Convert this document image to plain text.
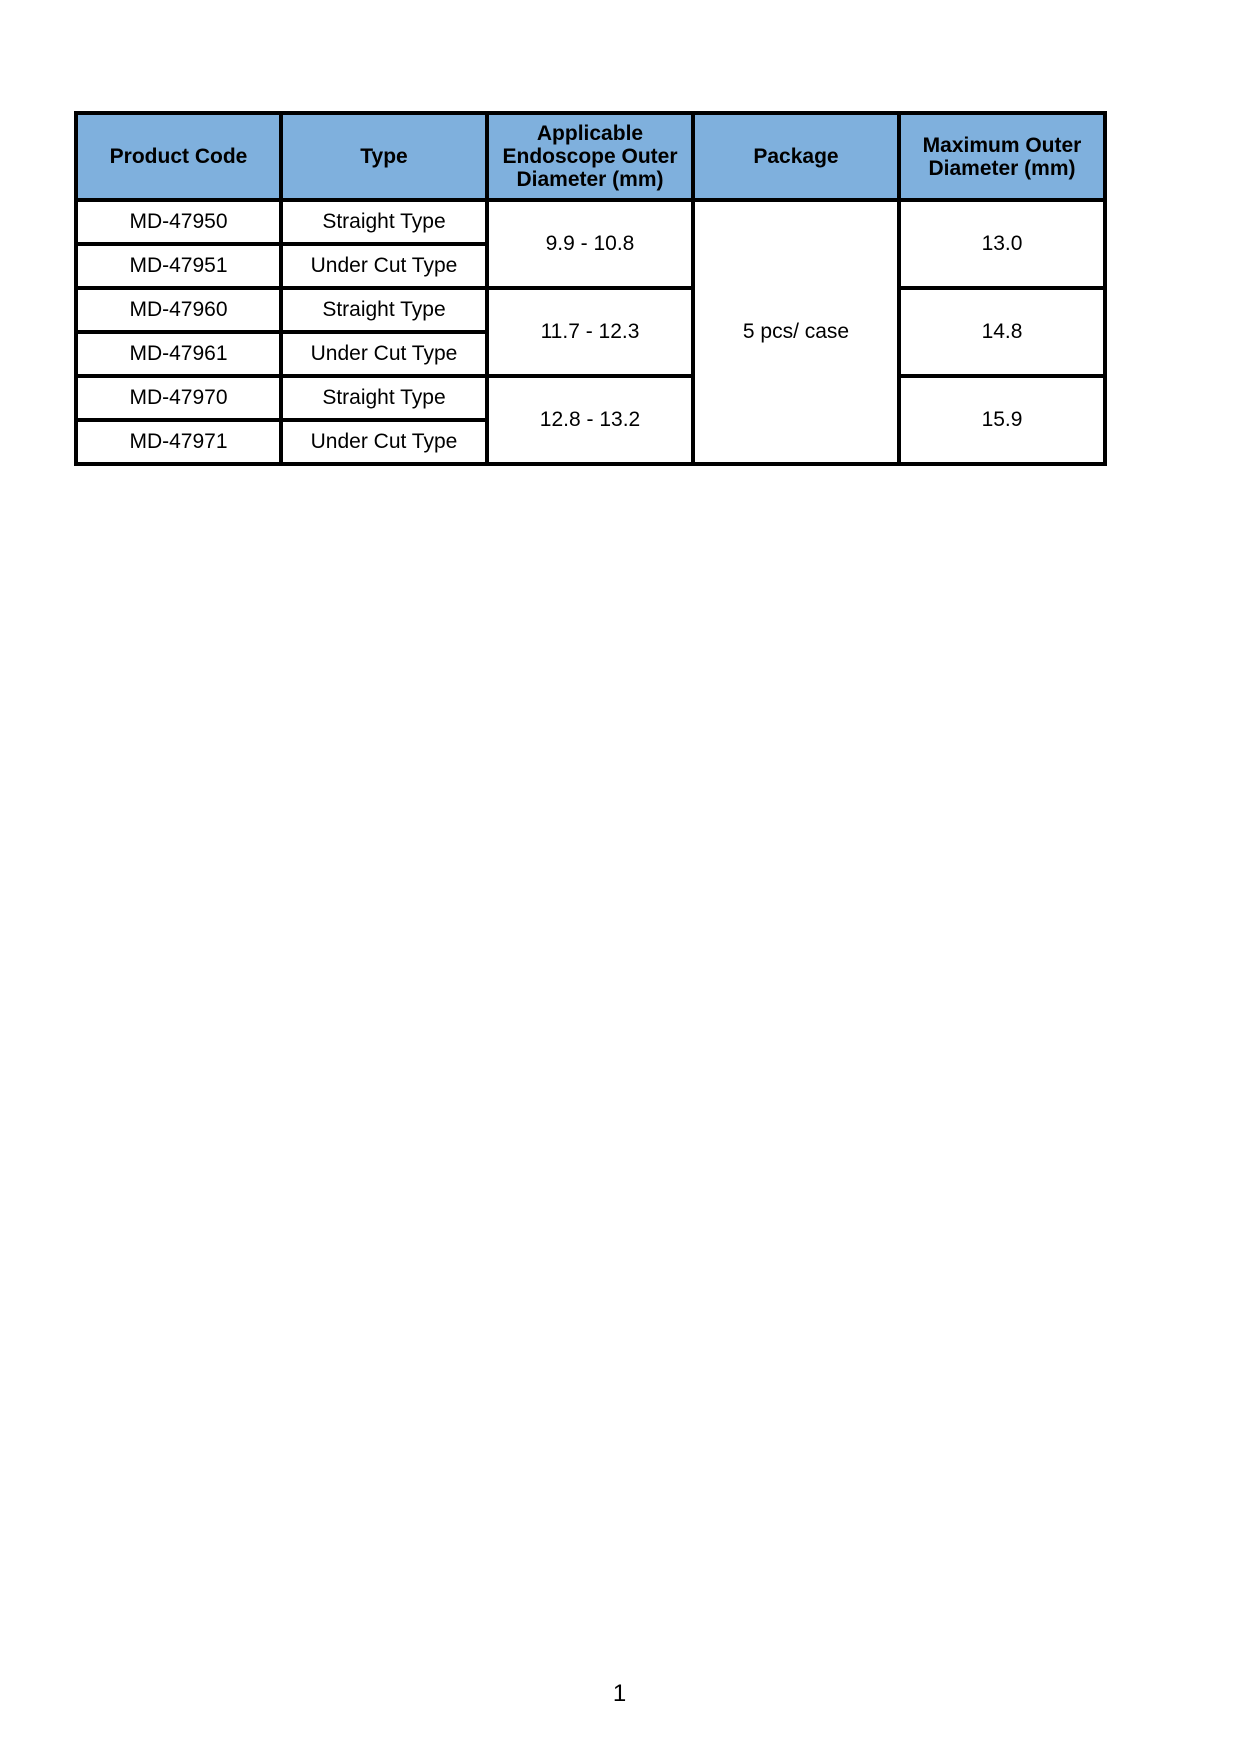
Product Code	Type	Applicable Endoscope Outer Diameter (mm)	Package	Maximum Outer Diameter (mm)
MD-47950	Straight Type	9.9 - 10.8	5 pcs/ case	13.0
MD-47951	Under Cut Type			
MD-47960	Straight Type	11.7 - 12.3		14.8
MD-47961	Under Cut Type			
MD-47970	Straight Type	12.8 - 13.2		15.9
MD-47971	Under Cut Type			
1
